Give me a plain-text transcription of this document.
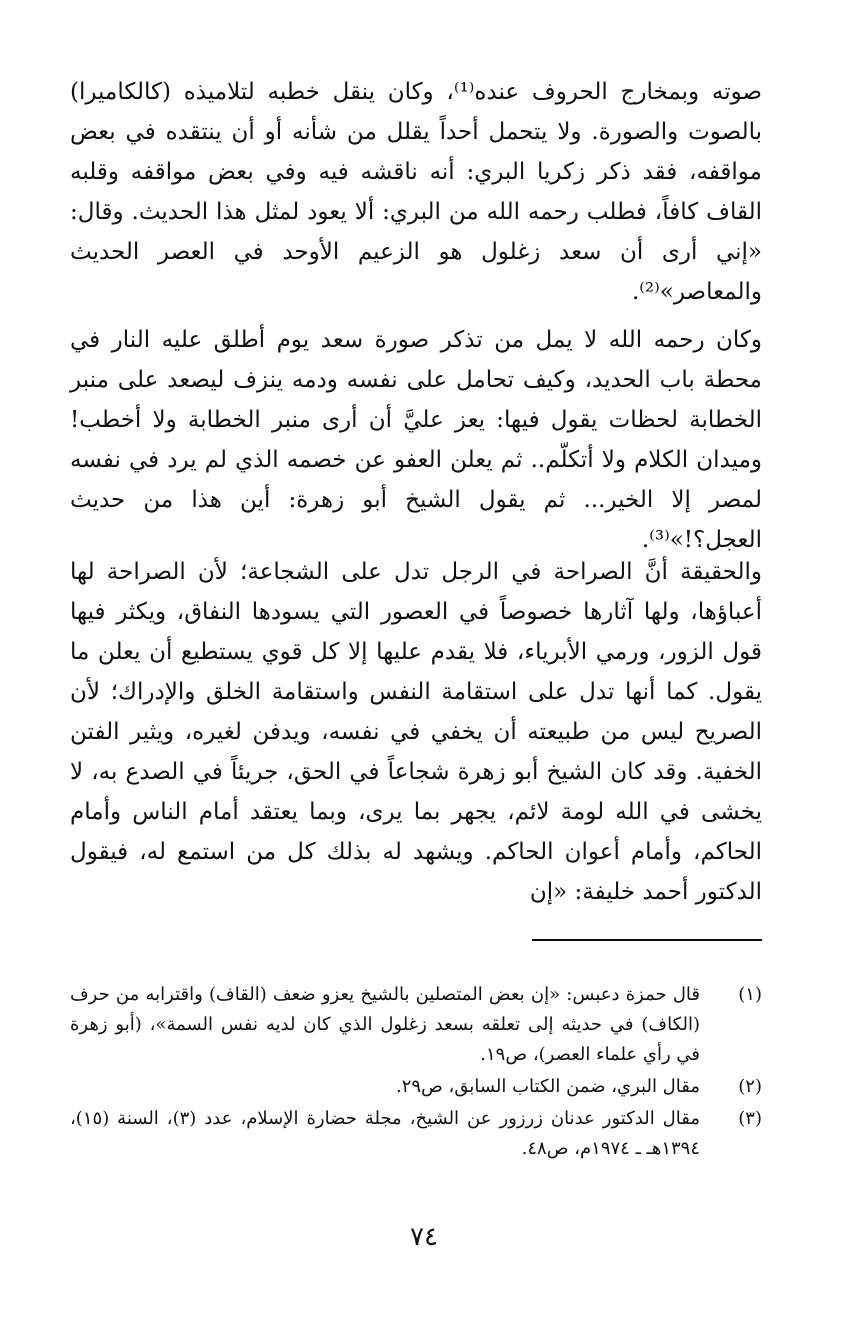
صوته وبمخارج الحروف عنده⁽¹⁾، وكان ينقل خطبه لتلاميذه (كالكاميرا) بالصوت والصورة. ولا يتحمل أحداً يقلل من شأنه أو أن ينتقده في بعض مواقفه، فقد ذكر زكريا البري: أنه ناقشه فيه وفي بعض مواقفه وقلبه القاف كافاً، فطلب رحمه الله من البري: ألا يعود لمثل هذا الحديث. وقال: «إني أرى أن سعد زغلول هو الزعيم الأوحد في العصر الحديث والمعاصر»⁽²⁾.

وكان رحمه الله لا يمل من تذكر صورة سعد يوم أطلق عليه النار في محطة باب الحديد، وكيف تحامل على نفسه ودمه ينزف ليصعد على منبر الخطابة لحظات يقول فيها: يعز عليَّ أن أرى منبر الخطابة ولا أخطب! وميدان الكلام ولا أتكلّم.. ثم يعلن العفو عن خصمه الذي لم يرد في نفسه لمصر إلا الخير... ثم يقول الشيخ أبو زهرة: أين هذا من حديث العجل؟!»⁽³⁾.

والحقيقة أنَّ الصراحة في الرجل تدل على الشجاعة؛ لأن الصراحة لها أعباؤها، ولها آثارها خصوصاً في العصور التي يسودها النفاق، ويكثر فيها قول الزور، ورمي الأبرياء، فلا يقدم عليها إلا كل قوي يستطيع أن يعلن ما يقول. كما أنها تدل على استقامة النفس واستقامة الخلق والإدراك؛ لأن الصريح ليس من طبيعته أن يخفي في نفسه، ويدفن لغيره، ويثير الفتن الخفية. وقد كان الشيخ أبو زهرة شجاعاً في الحق، جريئاً في الصدع به، لا يخشى في الله لومة لائم، يجهر بما يرى، وبما يعتقد أمام الناس وأمام الحاكم، وأمام أعوان الحاكم. ويشهد له بذلك كل من استمع له، فيقول الدكتور أحمد خليفة: «إن

(١)
قال حمزة دعبس: «إن بعض المتصلين بالشيخ يعزو ضعف (القاف) واقترابه من حرف (الكاف) في حديثه إلى تعلقه بسعد زغلول الذي كان لديه نفس السمة»، (أبو زهرة في رأي علماء العصر)، ص١٩.
(٢)
مقال البري، ضمن الكتاب السابق، ص٢٩.
(٣)
مقال الدكتور عدنان زرزور عن الشيخ، مجلة حضارة الإسلام، عدد (٣)، السنة (١٥)، ١٣٩٤هـ ـ ١٩٧٤م، ص٤٨.
٧٤
